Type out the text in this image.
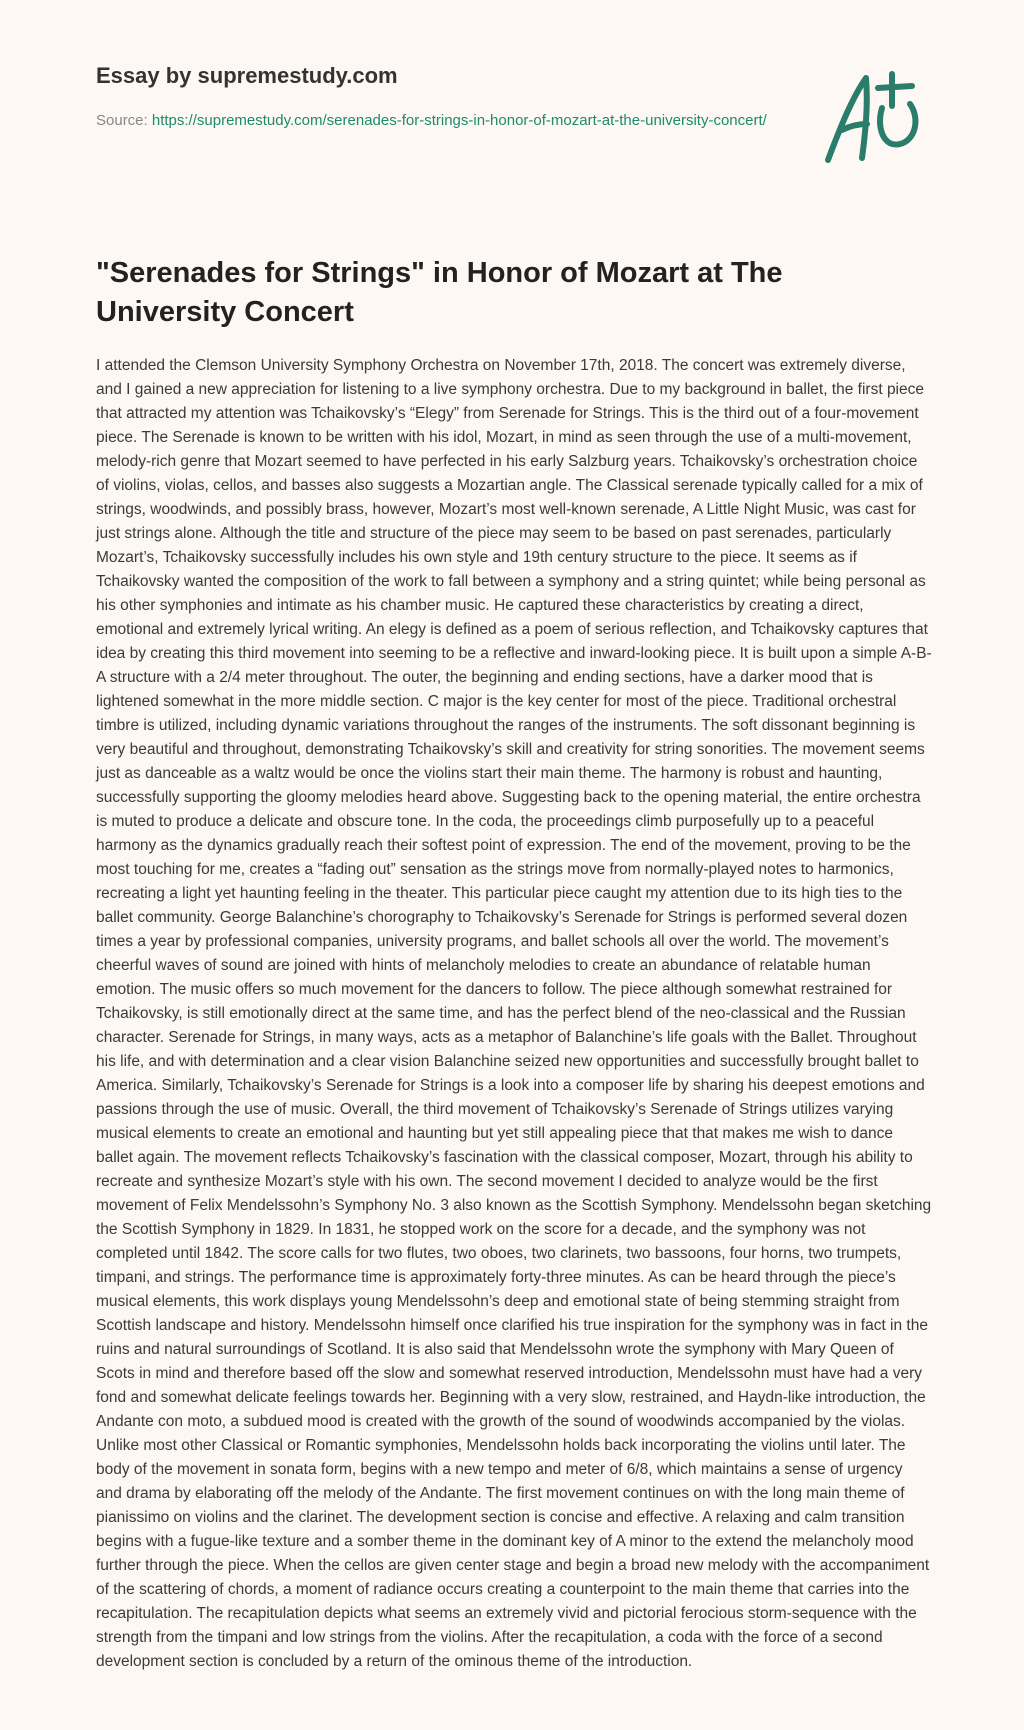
Essay by supremestudy.com
Source: https://supremestudy.com/serenades-for-strings-in-honor-of-mozart-at-the-university-concert/
"Serenades for Strings" in Honor of Mozart at The University Concert

I attended the Clemson University Symphony Orchestra on November 17th, 2018. The concert was extremely diverse, and I gained a new appreciation for listening to a live symphony orchestra. Due to my background in ballet, the first piece that attracted my attention was Tchaikovsky’s “Elegy” from Serenade for Strings. This is the third out of a four-movement piece. The Serenade is known to be written with his idol, Mozart, in mind as seen through the use of a multi-movement, melody-rich genre that Mozart seemed to have perfected in his early Salzburg years. Tchaikovsky’s orchestration choice of violins, violas, cellos, and basses also suggests a Mozartian angle. The Classical serenade typically called for a mix of strings, woodwinds, and possibly brass, however, Mozart’s most well-known serenade, A Little Night Music, was cast for just strings alone. Although the title and structure of the piece may seem to be based on past serenades, particularly Mozart’s, Tchaikovsky successfully includes his own style and 19th century structure to the piece. It seems as if Tchaikovsky wanted the composition of the work to fall between a symphony and a string quintet; while being personal as his other symphonies and intimate as his chamber music. He captured these characteristics by creating a direct, emotional and extremely lyrical writing. An elegy is defined as a poem of serious reflection, and Tchaikovsky captures that idea by creating this third movement into seeming to be a reflective and inward-looking piece. It is built upon a simple A-B-A structure with a 2/4 meter throughout. The outer, the beginning and ending sections, have a darker mood that is lightened somewhat in the more middle section. C major is the key center for most of the piece. Traditional orchestral timbre is utilized, including dynamic variations throughout the ranges of the instruments. The soft dissonant beginning is very beautiful and throughout, demonstrating Tchaikovsky’s skill and creativity for string sonorities. The movement seems just as danceable as a waltz would be once the violins start their main theme. The harmony is robust and haunting, successfully supporting the gloomy melodies heard above. Suggesting back to the opening material, the entire orchestra is muted to produce a delicate and obscure tone. In the coda, the proceedings climb purposefully up to a peaceful harmony as the dynamics gradually reach their softest point of expression. The end of the movement, proving to be the most touching for me, creates a “fading out” sensation as the strings move from normally-played notes to harmonics, recreating a light yet haunting feeling in the theater. This particular piece caught my attention due to its high ties to the ballet community. George Balanchine’s chorography to Tchaikovsky’s Serenade for Strings is performed several dozen times a year by professional companies, university programs, and ballet schools all over the world. The movement’s cheerful waves of sound are joined with hints of melancholy melodies to create an abundance of relatable human emotion. The music offers so much movement for the dancers to follow. The piece although somewhat restrained for Tchaikovsky, is still emotionally direct at the same time, and has the perfect blend of the neo-classical and the Russian character. Serenade for Strings, in many ways, acts as a metaphor of Balanchine’s life goals with the Ballet. Throughout his life, and with determination and a clear vision Balanchine seized new opportunities and successfully brought ballet to America. Similarly, Tchaikovsky’s Serenade for Strings is a look into a composer life by sharing his deepest emotions and passions through the use of music. Overall, the third movement of Tchaikovsky’s Serenade of Strings utilizes varying musical elements to create an emotional and haunting but yet still appealing piece that that makes me wish to dance ballet again. The movement reflects Tchaikovsky’s fascination with the classical composer, Mozart, through his ability to recreate and synthesize Mozart’s style with his own. The second movement I decided to analyze would be the first movement of Felix Mendelssohn’s Symphony No. 3 also known as the Scottish Symphony. Mendelssohn began sketching the Scottish Symphony in 1829. In 1831, he stopped work on the score for a decade, and the symphony was not completed until 1842. The score calls for two flutes, two oboes, two clarinets, two bassoons, four horns, two trumpets, timpani, and strings. The performance time is approximately forty-three minutes. As can be heard through the piece’s musical elements, this work displays young Mendelssohn’s deep and emotional state of being stemming straight from Scottish landscape and history. Mendelssohn himself once clarified his true inspiration for the symphony was in fact in the ruins and natural surroundings of Scotland. It is also said that Mendelssohn wrote the symphony with Mary Queen of Scots in mind and therefore based off the slow and somewhat reserved introduction, Mendelssohn must have had a very fond and somewhat delicate feelings towards her. Beginning with a very slow, restrained, and Haydn-like introduction, the Andante con moto, a subdued mood is created with the growth of the sound of woodwinds accompanied by the violas. Unlike most other Classical or Romantic symphonies, Mendelssohn holds back incorporating the violins until later. The body of the movement in sonata form, begins with a new tempo and meter of 6/8, which maintains a sense of urgency and drama by elaborating off the melody of the Andante. The first movement continues on with the long main theme of pianissimo on violins and the clarinet. The development section is concise and effective. A relaxing and calm transition begins with a fugue-like texture and a somber theme in the dominant key of A minor to the extend the melancholy mood further through the piece. When the cellos are given center stage and begin a broad new melody with the accompaniment of the scattering of chords, a moment of radiance occurs creating a counterpoint to the main theme that carries into the recapitulation. The recapitulation depicts what seems an extremely vivid and pictorial ferocious storm-sequence with the strength from the timpani and low strings from the violins. After the recapitulation, a coda with the force of a second development section is concluded by a return of the ominous theme of the introduction.
